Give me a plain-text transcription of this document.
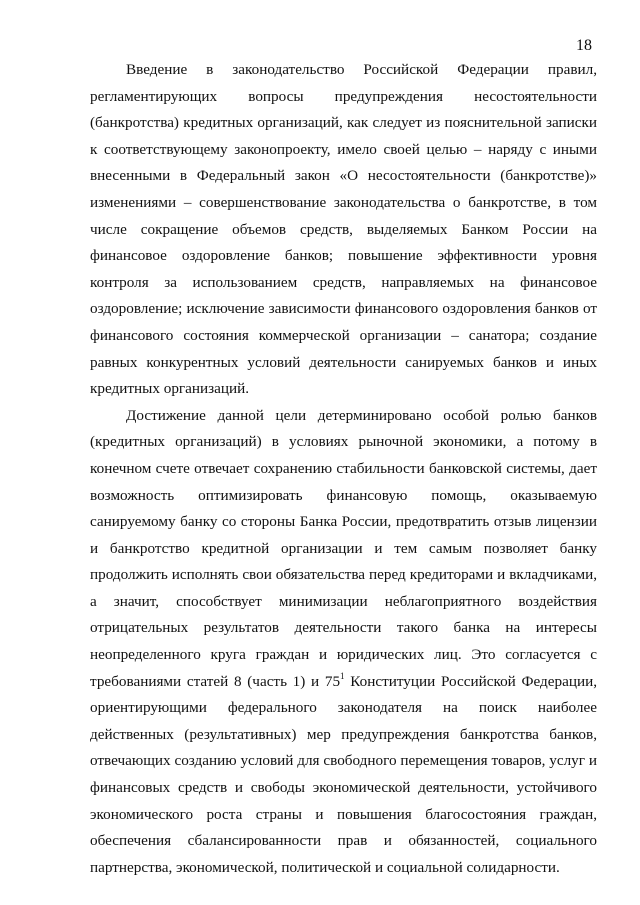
18

Введение в законодательство Российской Федерации правил, регламентирующих вопросы предупреждения несостоятельности (банкротства) кредитных организаций, как следует из пояснительной записки к соответствующему законопроекту, имело своей целью – наряду с иными внесенными в Федеральный закон «О несостоятельности (банкротстве)» изменениями – совершенствование законодательства о банкротстве, в том числе сокращение объемов средств, выделяемых Банком России на финансовое оздоровление банков; повышение эффективности уровня контроля за использованием средств, направляемых на финансовое оздоровление; исключение зависимости финансового оздоровления банков от финансового состояния коммерческой организации – санатора; создание равных конкурентных условий деятельности санируемых банков и иных кредитных организаций.

Достижение данной цели детерминировано особой ролью банков (кредитных организаций) в условиях рыночной экономики, а потому в конечном счете отвечает сохранению стабильности банковской системы, дает возможность оптимизировать финансовую помощь, оказываемую санируемому банку со стороны Банка России, предотвратить отзыв лицензии и банкротство кредитной организации и тем самым позволяет банку продолжить исполнять свои обязательства перед кредиторами и вкладчиками, а значит, способствует минимизации неблагоприятного воздействия отрицательных результатов деятельности такого банка на интересы неопределенного круга граждан и юридических лиц. Это согласуется с требованиями статей 8 (часть 1) и $75^1$ Конституции Российской Федерации, ориентирующими федерального законодателя на поиск наиболее действенных (результативных) мер предупреждения банкротства банков, отвечающих созданию условий для свободного перемещения товаров, услуг и финансовых средств и свободы экономической деятельности, устойчивого экономического роста страны и повышения благосостояния граждан, обеспечения сбалансированности прав и обязанностей, социального партнерства, экономической, политической и социальной солидарности.
